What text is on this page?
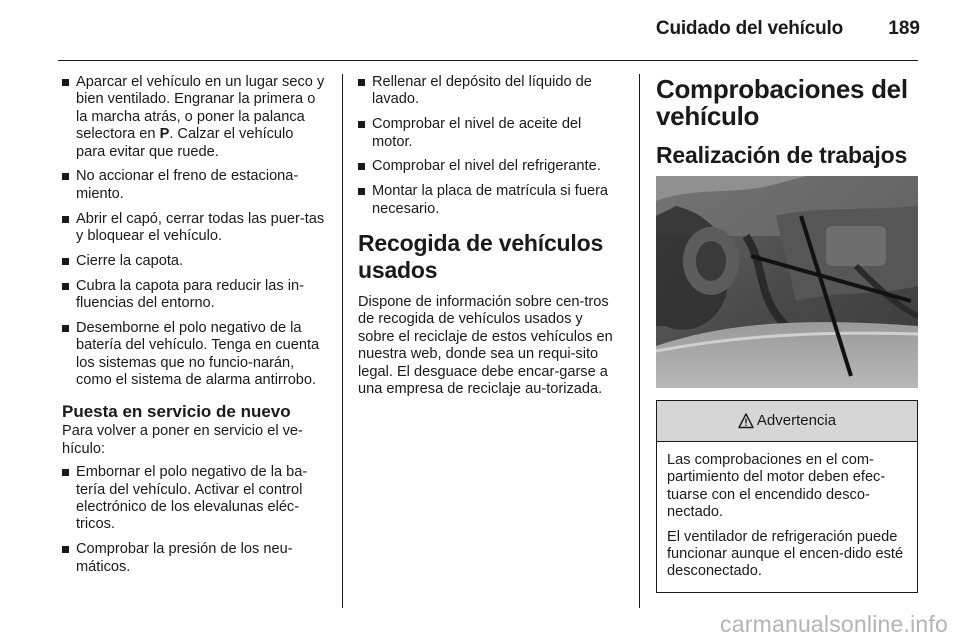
Cuidado del vehículo 189
Aparcar el vehículo en un lugar seco y bien ventilado. Engranar la primera o la marcha atrás, o poner la palanca selectora en P. Calzar el vehículo para evitar que ruede.
No accionar el freno de estaciona-miento.
Abrir el capó, cerrar todas las puer-tas y bloquear el vehículo.
Cierre la capota.
Cubra la capota para reducir las in-fluencias del entorno.
Desemborne el polo negativo de la batería del vehículo. Tenga en cuenta los sistemas que no funcio-narán, como el sistema de alarma antirrobo.
Puesta en servicio de nuevo

Para volver a poner en servicio el ve-hículo:

Embornar el polo negativo de la ba-tería del vehículo. Activar el control electrónico de los elevalunas eléc-tricos.
Comprobar la presión de los neu-máticos.
Rellenar el depósito del líquido de lavado.
Comprobar el nivel de aceite del motor.
Comprobar el nivel del refrigerante.
Montar la placa de matrícula si fuera necesario.
Recogida de vehículos usados

Dispone de información sobre cen-tros de recogida de vehículos usados y sobre el reciclaje de estos vehículos en nuestra web, donde sea un requi-sito legal. El desguace debe encar-garse a una empresa de reciclaje au-torizada.

Comprobaciones del vehículo
Realización de trabajos
Advertencia

Las comprobaciones en el com-partimiento del motor deben efec-tuarse con el encendido desco-nectado.

El ventilador de refrigeración puede funcionar aunque el encen-dido esté desconectado.

carmanualsonline.info
